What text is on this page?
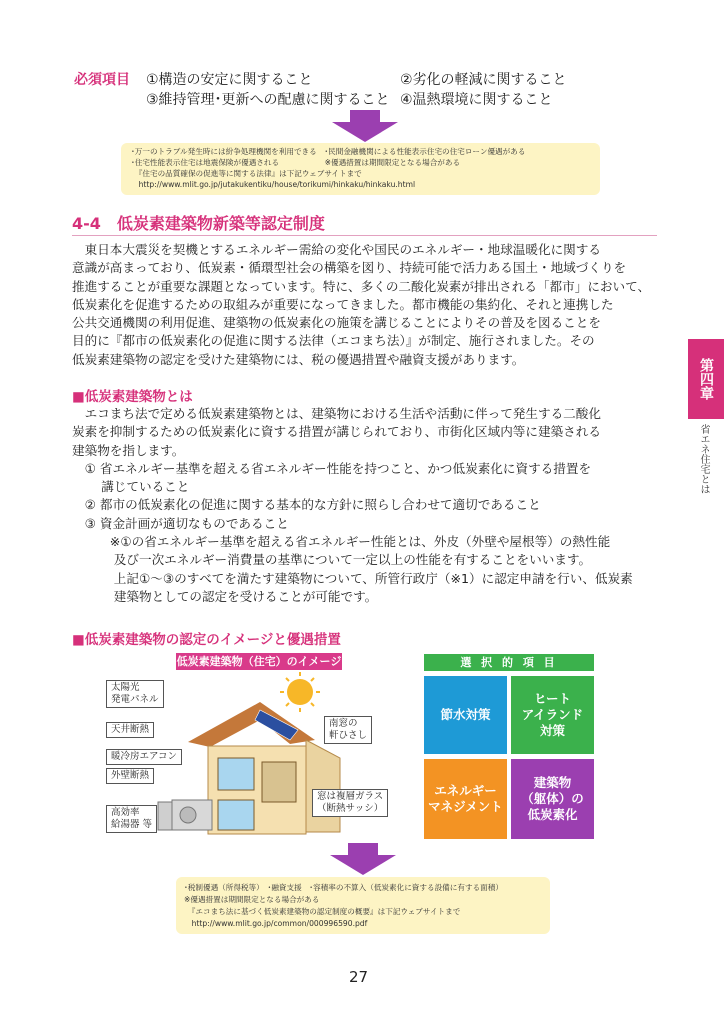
必須項目 ①構造の安定に関すること	②劣化の軽減に関すること
③維持管理･更新への配慮に関すること ④温熱環境に関すること
･万一のトラブル発生時には紛争処理機関を利用できる　･民間金融機関による性能表示住宅の住宅ローン優遇がある
･住宅性能表示住宅は地震保険が優遇される　　　　　　※優遇措置は期間限定となる場合がある
　『住宅の品質確保の促進等に関する法律』は下記ウェブサイトまで
　http://www.mlit.go.jp/jutakukentiku/house/torikumi/hinkaku/hinkaku.html
4-4　低炭素建築物新築等認定制度
　東日本大震災を契機とするエネルギー需給の変化や国民のエネルギー・地球温暖化に関する
意識が高まっており、低炭素・循環型社会の構築を図り、持続可能で活力ある国土・地域づくりを
推進することが重要な課題となっています。特に、多くの二酸化炭素が排出される「都市」において、
低炭素化を促進するための取組みが重要になってきました。都市機能の集約化、それと連携した
公共交通機関の利用促進、建築物の低炭素化の施策を講じることによりその普及を図ることを
目的に『都市の低炭素化の促進に関する法律（エコまち法）』が制定、施行されました。その
低炭素建築物の認定を受けた建築物には、税の優遇措置や融資支援があります。
■低炭素建築物とは
　エコまち法で定める低炭素建築物とは、建築物における生活や活動に伴って発生する二酸化
炭素を抑制するための低炭素化に資する措置が講じられており、市街化区域内等に建築される
建築物を指します。
　① 省エネルギー基準を超える省エネルギー性能を持つこと、かつ低炭素化に資する措置を
　　 講じていること
　② 都市の低炭素化の促進に関する基本的な方針に照らし合わせて適切であること
　③ 資金計画が適切なものであること
　　　※①の省エネルギー基準を超える省エネルギー性能とは、外皮（外壁や屋根等）の熱性能
　　　 及び一次エネルギー消費量の基準について一定以上の性能を有することをいいます。
　　　 上記①～③のすべてを満たす建築物について、所管行政庁（※1）に認定申請を行い、低炭素
　　　 建築物としての認定を受けることが可能です。
■低炭素建築物の認定のイメージと優遇措置
低炭素建築物（住宅）のイメージ
太陽光
発電パネル
天井断熱
暖冷房エアコン
外壁断熱
高効率
給湯器 等
南窓の
軒ひさし
窓は複層ガラス
（断熱サッシ）
選 択 的 項 目
節水対策
ヒート
アイランド
対策
エネルギー
マネジメント
建築物
（躯体）の
低炭素化
･税制優遇（所得税等）　･融資支援　･容積率の不算入（低炭素化に資する設備に有する面積）
※優遇措置は期間限定となる場合がある
　『エコまち法に基づく低炭素建築物の認定制度の概要』は下記ウェブサイトまで
　http://www.mlit.go.jp/common/000996590.pdf
第四章
省エネ住宅とは
27
